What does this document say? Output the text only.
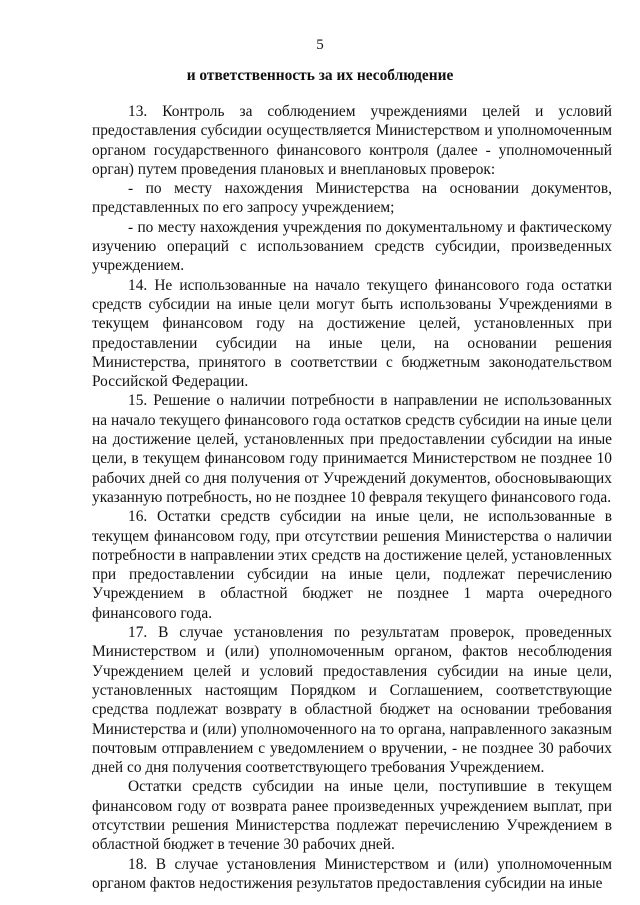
5
и ответственность за их несоблюдение

13. Контроль за соблюдением учреждениями целей и условий предоставления субсидии осуществляется Министерством и уполномоченным органом государственного финансового контроля (далее - уполномоченный орган) путем проведения плановых и внеплановых проверок:

- по месту нахождения Министерства на основании документов, представленных по его запросу учреждением;

- по месту нахождения учреждения по документальному и фактическому изучению операций с использованием средств субсидии, произведенных учреждением.

14. Не использованные на начало текущего финансового года остатки средств субсидии на иные цели могут быть использованы Учреждениями в текущем финансовом году на достижение целей, установленных при предоставлении субсидии на иные цели, на основании решения Министерства, принятого в соответствии с бюджетным законодательством Российской Федерации.

15. Решение о наличии потребности в направлении не использованных на начало текущего финансового года остатков средств субсидии на иные цели на достижение целей, установленных при предоставлении субсидии на иные цели, в текущем финансовом году принимается Министерством не позднее 10 рабочих дней со дня получения от Учреждений документов, обосновывающих указанную потребность, но не позднее 10 февраля текущего финансового года.

16. Остатки средств субсидии на иные цели, не использованные в текущем финансовом году, при отсутствии решения Министерства о наличии потребности в направлении этих средств на достижение целей, установленных при предоставлении субсидии на иные цели, подлежат перечислению Учреждением в областной бюджет не позднее 1 марта очередного финансового года.

17. В случае установления по результатам проверок, проведенных Министерством и (или) уполномоченным органом, фактов несоблюдения Учреждением целей и условий предоставления субсидии на иные цели, установленных настоящим Порядком и Соглашением, соответствующие средства подлежат возврату в областной бюджет на основании требования Министерства и (или) уполномоченного на то органа, направленного заказным почтовым отправлением с уведомлением о вручении, - не позднее 30 рабочих дней со дня получения соответствующего требования Учреждением.

Остатки средств субсидии на иные цели, поступившие в текущем финансовом году от возврата ранее произведенных учреждением выплат, при отсутствии решения Министерства подлежат перечислению Учреждением в областной бюджет в течение 30 рабочих дней.

18. В случае установления Министерством и (или) уполномоченным органом фактов недостижения результатов предоставления субсидии на иные
